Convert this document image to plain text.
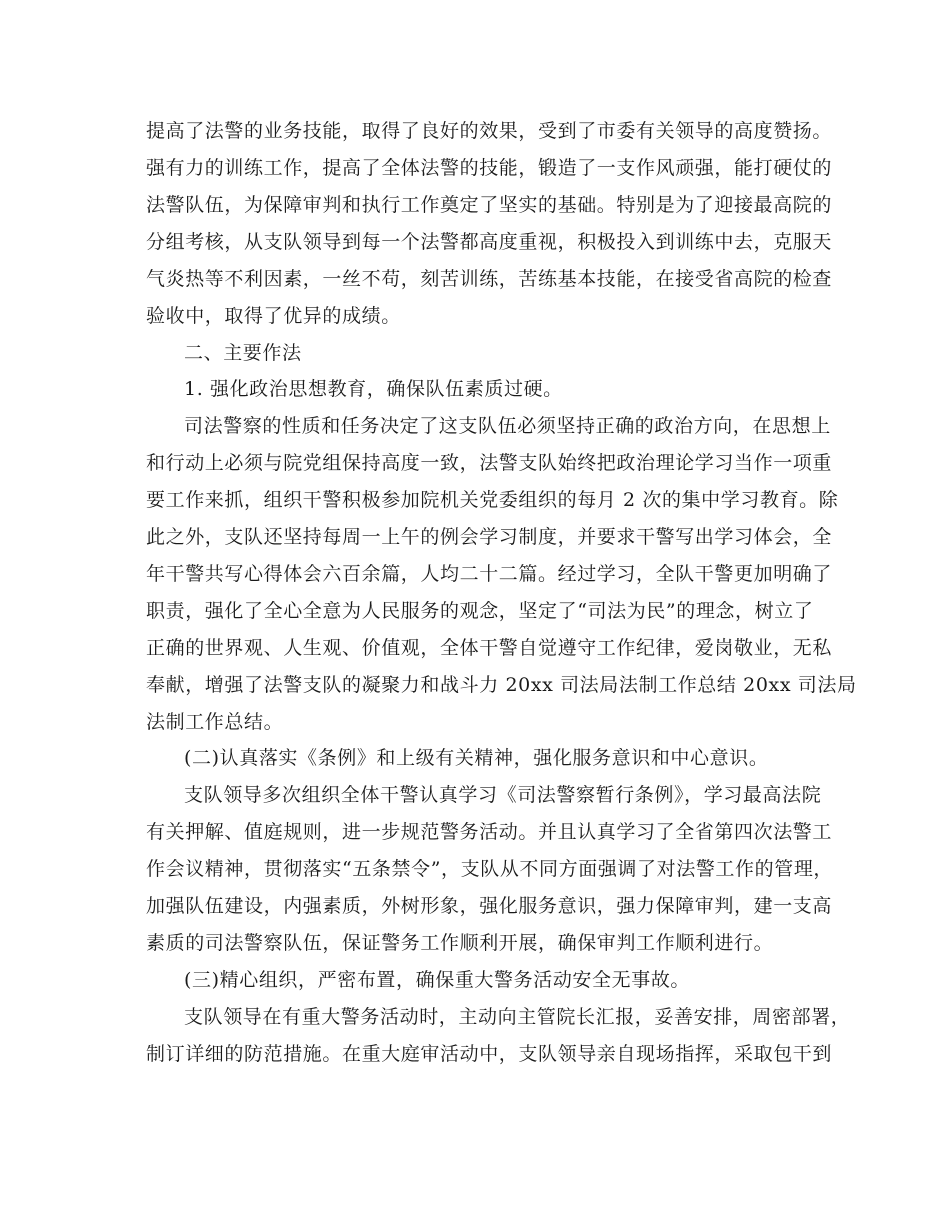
提高了法警的业务技能，取得了良好的效果，受到了市委有关领导的高度赞扬。
强有力的训练工作，提高了全体法警的技能，锻造了一支作风顽强，能打硬仗的
法警队伍，为保障审判和执行工作奠定了坚实的基础。特别是为了迎接最高院的
分组考核，从支队领导到每一个法警都高度重视，积极投入到训练中去，克服天
气炎热等不利因素，一丝不苟，刻苦训练，苦练基本技能，在接受省高院的检查
验收中，取得了优异的成绩。
二、主要作法
1. 强化政治思想教育，确保队伍素质过硬。
司法警察的性质和任务决定了这支队伍必须坚持正确的政治方向，在思想上
和行动上必须与院党组保持高度一致，法警支队始终把政治理论学习当作一项重
要工作来抓，组织干警积极参加院机关党委组织的每月 2 次的集中学习教育。除
此之外，支队还坚持每周一上午的例会学习制度，并要求干警写出学习体会，全
年干警共写心得体会六百余篇，人均二十二篇。经过学习，全队干警更加明确了
职责，强化了全心全意为人民服务的观念，坚定了“司法为民”的理念，树立了
正确的世界观、人生观、价值观，全体干警自觉遵守工作纪律，爱岗敬业，无私
奉献，增强了法警支队的凝聚力和战斗力 20xx 司法局法制工作总结 20xx 司法局
法制工作总结。
(二)认真落实《条例》和上级有关精神，强化服务意识和中心意识。
支队领导多次组织全体干警认真学习《司法警察暂行条例》，学习最高法院
有关押解、值庭规则，进一步规范警务活动。并且认真学习了全省第四次法警工
作会议精神，贯彻落实“五条禁令”，支队从不同方面强调了对法警工作的管理，
加强队伍建设，内强素质，外树形象，强化服务意识，强力保障审判，建一支高
素质的司法警察队伍，保证警务工作顺利开展，确保审判工作顺利进行。
(三)精心组织，严密布置，确保重大警务活动安全无事故。
支队领导在有重大警务活动时，主动向主管院长汇报，妥善安排，周密部署，
制订详细的防范措施。在重大庭审活动中，支队领导亲自现场指挥，采取包干到
